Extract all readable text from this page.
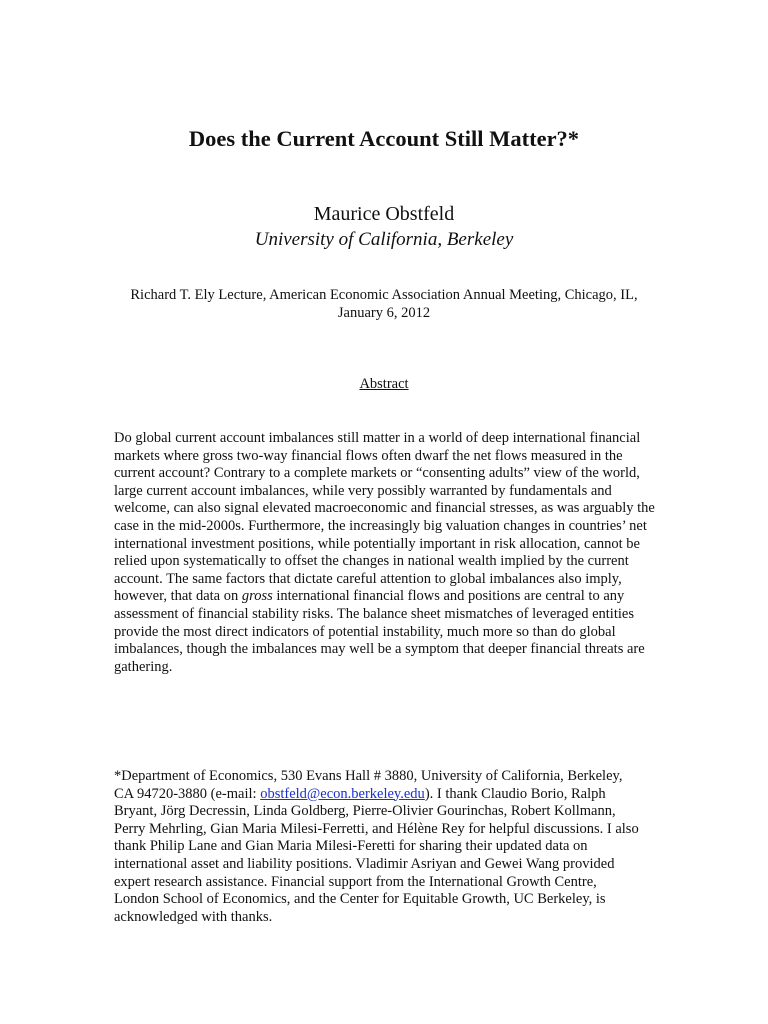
Does the Current Account Still Matter?*
Maurice Obstfeld
University of California, Berkeley
Richard T. Ely Lecture, American Economic Association Annual Meeting, Chicago, IL,
January 6, 2012
Abstract

Do global current account imbalances still matter in a world of deep international financial markets where gross two-way financial flows often dwarf the net flows measured in the current account? Contrary to a complete markets or “consenting adults” view of the world, large current account imbalances, while very possibly warranted by fundamentals and welcome, can also signal elevated macroeconomic and financial stresses, as was arguably the case in the mid-2000s. Furthermore, the increasingly big valuation changes in countries’ net international investment positions, while potentially important in risk allocation, cannot be relied upon systematically to offset the changes in national wealth implied by the current account. The same factors that dictate careful attention to global imbalances also imply, however, that data on gross international financial flows and positions are central to any assessment of financial stability risks. The balance sheet mismatches of leveraged entities provide the most direct indicators of potential instability, much more so than do global imbalances, though the imbalances may well be a symptom that deeper financial threats are gathering.

*Department of Economics, 530 Evans Hall # 3880, University of California, Berkeley, CA 94720-3880 (e-mail: obstfeld@econ.berkeley.edu). I thank Claudio Borio, Ralph Bryant, Jörg Decressin, Linda Goldberg, Pierre-Olivier Gourinchas, Robert Kollmann, Perry Mehrling, Gian Maria Milesi-Ferretti, and Hélène Rey for helpful discussions. I also thank Philip Lane and Gian Maria Milesi-Feretti for sharing their updated data on international asset and liability positions. Vladimir Asriyan and Gewei Wang provided expert research assistance. Financial support from the International Growth Centre, London School of Economics, and the Center for Equitable Growth, UC Berkeley, is acknowledged with thanks.
